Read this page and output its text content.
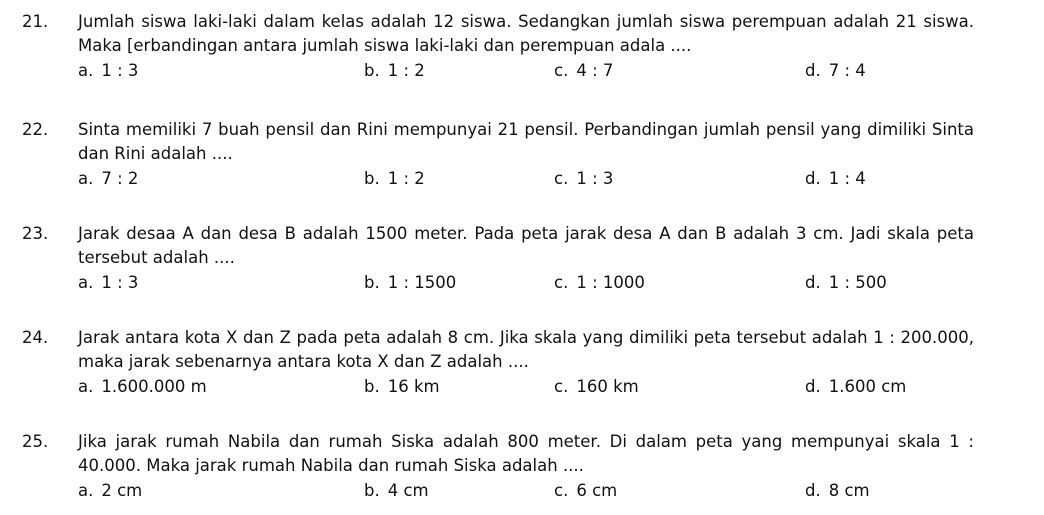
21.	Jumlah siswa laki-laki dalam kelas adalah 12 siswa. Sedangkan jumlah siswa perempuan adalah 21 siswa. Maka [erbandingan antara jumlah siswa laki-laki dan perempuan adala ....
a. 1 : 3	b. 1 : 2	c. 4 : 7	d. 7 : 4
22.	Sinta memiliki 7 buah pensil dan Rini mempunyai 21 pensil. Perbandingan jumlah pensil yang dimiliki Sinta dan Rini adalah ....
a. 7 : 2	b. 1 : 2	c. 1 : 3	d. 1 : 4
23.	Jarak desaa A dan desa B adalah 1500 meter. Pada peta jarak desa A dan B adalah 3 cm. Jadi skala peta tersebut adalah ....
a. 1 : 3	b. 1 : 1500	c. 1 : 1000	d. 1 : 500
24.	Jarak antara kota X dan Z pada peta adalah 8 cm. Jika skala yang dimiliki peta tersebut adalah 1 : 200.000, maka jarak sebenarnya antara kota X dan Z adalah ....
a. 1.600.000 m	b. 16 km	c. 160 km	d. 1.600 cm
25.	Jika jarak rumah Nabila dan rumah Siska adalah 800 meter. Di dalam peta yang mempunyai skala 1 : 40.000. Maka jarak rumah Nabila dan rumah Siska adalah ....
a. 2 cm	b. 4 cm	c. 6 cm	d. 8 cm
